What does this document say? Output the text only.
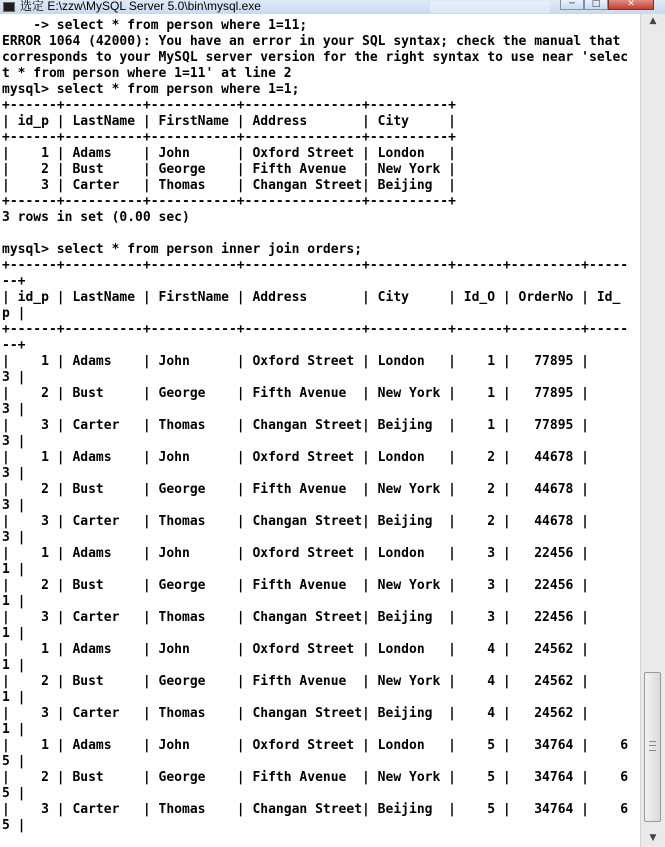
选定 E:\zzw\MySQL Server 5.0\bin\mysql.exe	─	□	✕
-> select * from person where 1=11;
ERROR 1064 (42000): You have an error in your SQL syntax; check the manual that
corresponds to your MySQL server version for the right syntax to use near 'selec
t * from person where 1=11' at line 2
mysql> select * from person where 1=1;
+------+----------+-----------+---------------+----------+
| id_p | LastName | FirstName | Address       | City     |
+------+----------+-----------+---------------+----------+
|    1 | Adams    | John      | Oxford Street | London   |
|    2 | Bust     | George    | Fifth Avenue  | New York |
|    3 | Carter   | Thomas    | Changan Street| Beijing  |
+------+----------+-----------+---------------+----------+
3 rows in set (0.00 sec)

mysql> select * from person inner join orders;
+------+----------+-----------+---------------+----------+------+---------+-----
--+
| id_p | LastName | FirstName | Address       | City     | Id_O | OrderNo | Id_
p |
+------+----------+-----------+---------------+----------+------+---------+-----
--+
|    1 | Adams    | John      | Oxford Street | London   |    1 |   77895 |
3 |
|    2 | Bust     | George    | Fifth Avenue  | New York |    1 |   77895 |
3 |
|    3 | Carter   | Thomas    | Changan Street| Beijing  |    1 |   77895 |
3 |
|    1 | Adams    | John      | Oxford Street | London   |    2 |   44678 |
3 |
|    2 | Bust     | George    | Fifth Avenue  | New York |    2 |   44678 |
3 |
|    3 | Carter   | Thomas    | Changan Street| Beijing  |    2 |   44678 |
3 |
|    1 | Adams    | John      | Oxford Street | London   |    3 |   22456 |
1 |
|    2 | Bust     | George    | Fifth Avenue  | New York |    3 |   22456 |
1 |
|    3 | Carter   | Thomas    | Changan Street| Beijing  |    3 |   22456 |
1 |
|    1 | Adams    | John      | Oxford Street | London   |    4 |   24562 |
1 |
|    2 | Bust     | George    | Fifth Avenue  | New York |    4 |   24562 |
1 |
|    3 | Carter   | Thomas    | Changan Street| Beijing  |    4 |   24562 |
1 |
|    1 | Adams    | John      | Oxford Street | London   |    5 |   34764 |    6
5 |
|    2 | Bust     | George    | Fifth Avenue  | New York |    5 |   34764 |    6
5 |
|    3 | Carter   | Thomas    | Changan Street| Beijing  |    5 |   34764 |    6
5 |

▲
▼
